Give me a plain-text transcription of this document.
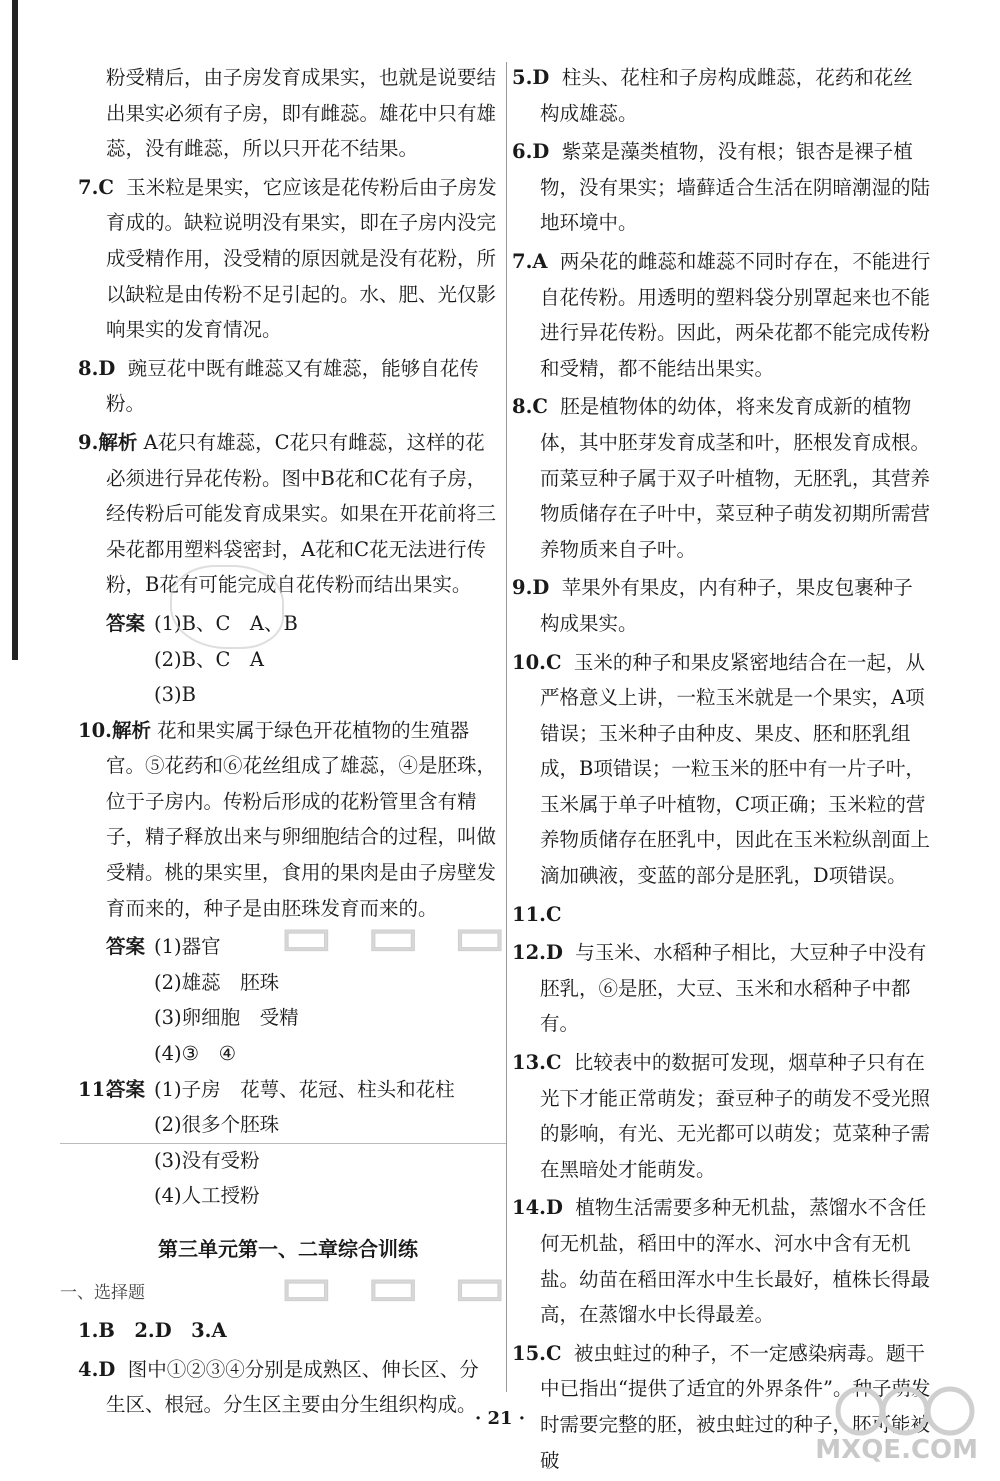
粉受精后，由子房发育成果实，也就是说要结出果实必须有子房，即有雌蕊。雄花中只有雄蕊，没有雌蕊，所以只开花不结果。

7.C 玉米粒是果实，它应该是花传粉后由子房发育成的。缺粒说明没有果实，即在子房内没完成受精作用，没受精的原因就是没有花粉，所以缺粒是由传粉不足引起的。水、肥、光仅影响果实的发育情况。

8.D 豌豆花中既有雌蕊又有雄蕊，能够自花传粉。

9.解析 A花只有雄蕊，C花只有雌蕊，这样的花必须进行异花传粉。图中B花和C花有子房，经传粉后可能发育成果实。如果在开花前将三朵花都用塑料袋密封，A花和C花无法进行传粉，B花有可能完成自花传粉而结出果实。

答案 (1)B、C　A、B
(2)B、C　A
(3)B

10.解析 花和果实属于绿色开花植物的生殖器官。⑤花药和⑥花丝组成了雄蕊，④是胚珠，位于子房内。传粉后形成的花粉管里含有精子，精子释放出来与卵细胞结合的过程，叫做受精。桃的果实里，食用的果肉是由子房壁发育而来的，种子是由胚珠发育而来的。

答案 (1)器官
(2)雄蕊　胚珠
(3)卵细胞　受精
(4)③　④
11.
答案 (1)子房　花萼、花冠、柱头和花柱
(2)很多个胚珠
(3)没有受粉
(4)人工授粉
第三单元第一、二章综合训练
一、选择题

1.B　2.D　3.A

4.D 图中①②③④分别是成熟区、伸长区、分生区、根冠。分生区主要由分生组织构成。

5.D 柱头、花柱和子房构成雌蕊，花药和花丝构成雄蕊。

6.D 紫菜是藻类植物，没有根；银杏是裸子植物，没有果实；墙藓适合生活在阴暗潮湿的陆地环境中。

7.A 两朵花的雌蕊和雄蕊不同时存在，不能进行自花传粉。用透明的塑料袋分别罩起来也不能进行异花传粉。因此，两朵花都不能完成传粉和受精，都不能结出果实。

8.C 胚是植物体的幼体，将来发育成新的植物体，其中胚芽发育成茎和叶，胚根发育成根。而菜豆种子属于双子叶植物，无胚乳，其营养物质储存在子叶中，菜豆种子萌发初期所需营养物质来自子叶。

9.D 苹果外有果皮，内有种子，果皮包裹种子构成果实。

10.C 玉米的种子和果皮紧密地结合在一起，从严格意义上讲，一粒玉米就是一个果实，A项错误；玉米种子由种皮、果皮、胚和胚乳组成，B项错误；一粒玉米的胚中有一片子叶，玉米属于单子叶植物，C项正确；玉米粒的营养物质储存在胚乳中，因此在玉米粒纵剖面上滴加碘液，变蓝的部分是胚乳，D项错误。

11.C

12.D 与玉米、水稻种子相比，大豆种子中没有胚乳，⑥是胚，大豆、玉米和水稻种子中都有。

13.C 比较表中的数据可发现，烟草种子只有在光下才能正常萌发；蚕豆种子的萌发不受光照的影响，有光、无光都可以萌发；苋菜种子需在黑暗处才能萌发。

14.D 植物生活需要多种无机盐，蒸馏水不含任何无机盐，稻田中的浑水、河水中含有无机盐。幼苗在稻田浑水中生长最好，植株长得最高，在蒸馏水中长得最差。

15.C 被虫蛀过的种子，不一定感染病毒。题干中已指出“提供了适宜的外界条件”。种子萌发时需要完整的胚，被虫蛀过的种子，胚可能被破

▭ ▭ ▭
▭ ▭ ▭
· 21 ·
MXQE.COM
